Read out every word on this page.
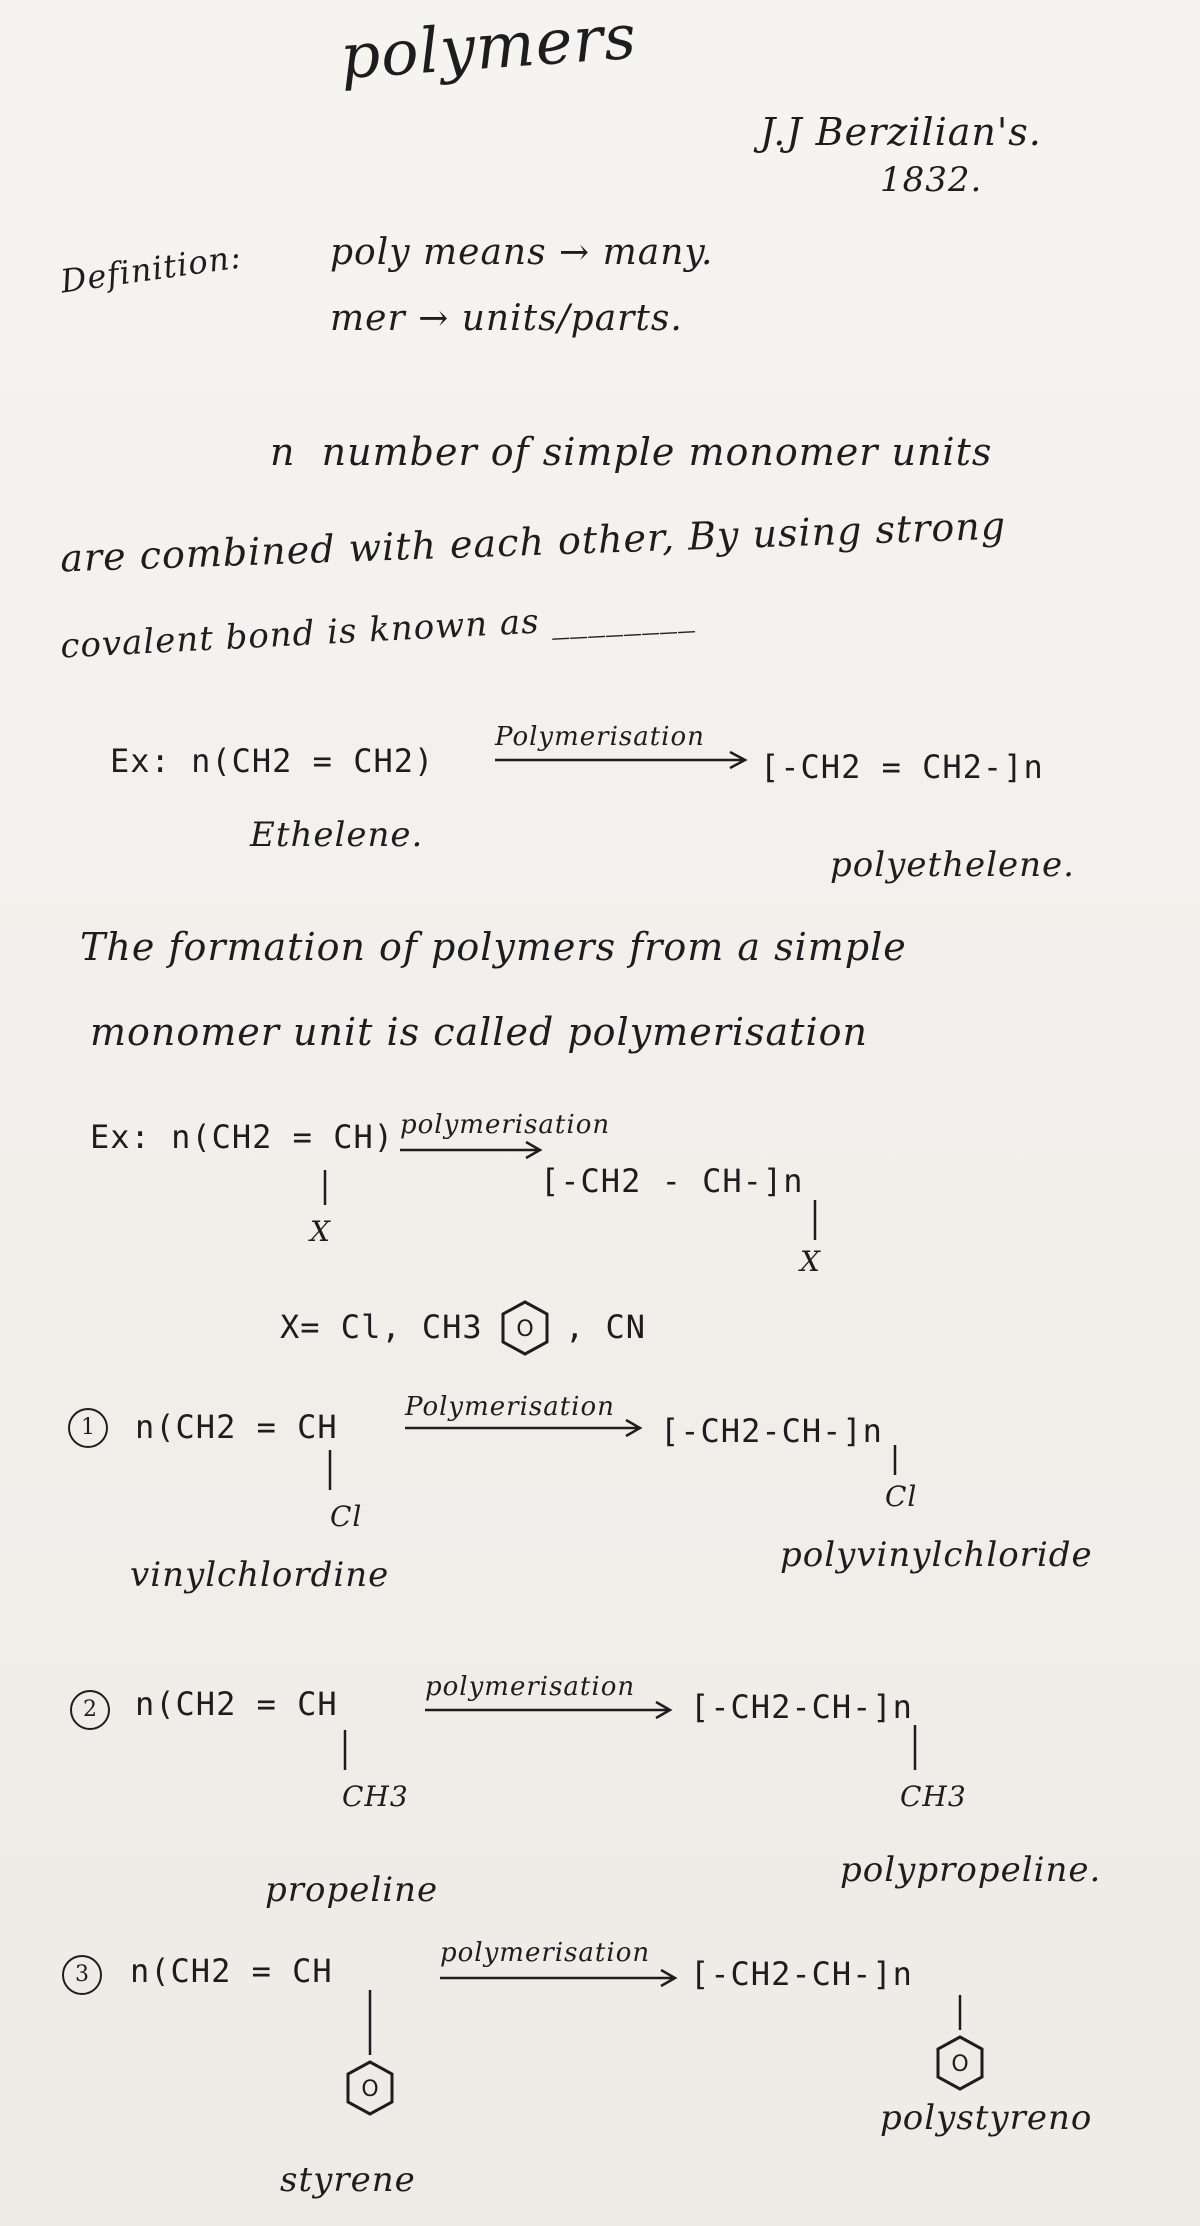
polymers
J.J Berzilian's.
1832.
Definition: poly means → many.
mer → units/parts.
n number of simple monomer units
are combined with each other, By using strong
covalent bond is known as ________
Ex: n(CH2 = CH2)
Polymerisation
[-CH2 = CH2-]n
Ethelene.
polyethelene.
The formation of polymers from a simple
monomer unit is called polymerisation
Ex: n(CH2 = CH)
X
polymerisation
[-CH2 - CH-]n
X
X= Cl, CH3 O , CN
1	n(CH2 = CH
Cl
Polymerisation
[-CH2-CH-]n
Cl
vinylchlordine	polyvinylchloride
2	n(CH2 = CH
CH3
polymerisation
[-CH2-CH-]n
CH3
propeline	polypropeline.
3	n(CH2 = CH
O
polymerisation
[-CH2-CH-]n
O
styrene
polystyreno
